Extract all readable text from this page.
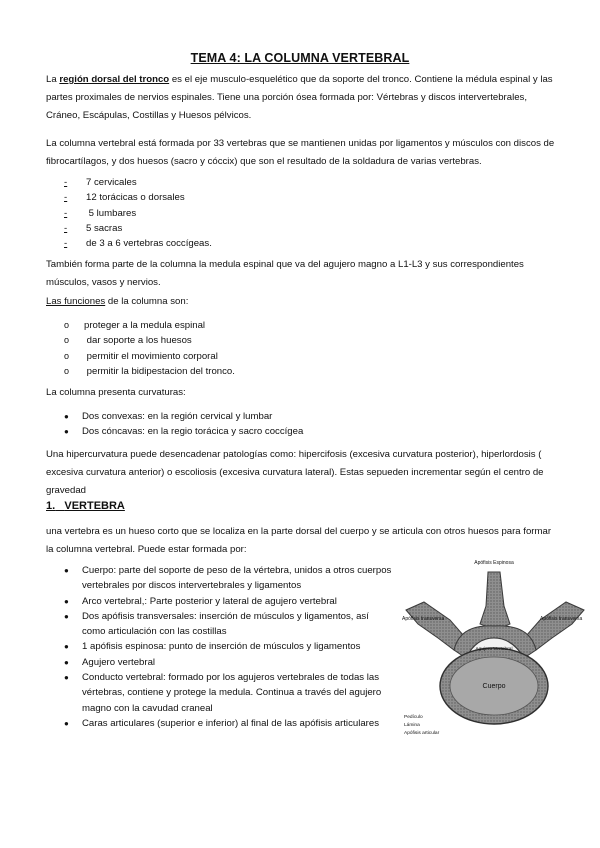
TEMA 4: LA COLUMNA VERTEBRAL

La región dorsal del tronco es el eje musculo-esquelético que da soporte del tronco. Contiene la médula espinal y las partes proximales de nervios espinales. Tiene una porción ósea formada por: Vértebras y discos intervertebrales, Cráneo, Escápulas, Costillas y Huesos pélvicos.

La columna vertebral está formada por 33 vertebras que se mantienen unidas por ligamentos y músculos con discos de fibrocartílagos, y dos huesos (sacro y cóccix) que son el resultado de la soldadura de varias vertebras.

-7 cervicales
-12 torácicas o dorsales
- 5 lumbares
-5 sacras
-de 3 a 6 vertebras coccígeas.

También forma parte de la columna la medula espinal que va del agujero magno a L1-L3 y sus correspondientes músculos, vasos y nervios.

Las funciones de la columna son:

o proteger a la medula espinal
o dar soporte a los huesos
o permitir el movimiento corporal
o permitir la bidipestacion del tronco.

La columna presenta curvaturas:

●	Dos convexas: en la región cervical y lumbar
●	Dos cóncavas: en la regio torácica y sacro coccígea

Una hipercurvatura puede desencadenar patologías como: hipercifosis (excesiva curvatura posterior), hiperlordosis ( excesiva curvatura anterior) o escoliosis (excesiva curvatura lateral). Estas sepueden incrementar según el centro de gravedad

1. VERTEBRA

una vertebra es un hueso corto que se localiza en la parte dorsal del cuerpo y se articula con otros huesos para formar la columna vertebral. Puede estar formada por:

●	Cuerpo: parte del soporte de peso de la vértebra, unidos a otros cuerpos vertebrales por discos intervertebrales y ligamentos
●	Arco vertebral,: Parte posterior y lateral de agujero vertebral
●	Dos apófisis transversales: inserción de músculos y ligamentos, así como articulación con las costillas
●	1 apófisis espinosa: punto de inserción de músculos y ligamentos
●	Agujero vertebral
●	Conducto vertebral: formado por los agujeros vertebrales de todas las vértebras, contiene y protege la medula. Continua a través del agujero magno con la cavudad craneal
●	Caras articulares (superior e inferior) al final de las apófisis articulares
Apófisis Espinosa
Apófisis transversa	Apófisis transversa
Agujero Vertebral
Cuerpo
Pedículo
Lámina
Apófisis articular
